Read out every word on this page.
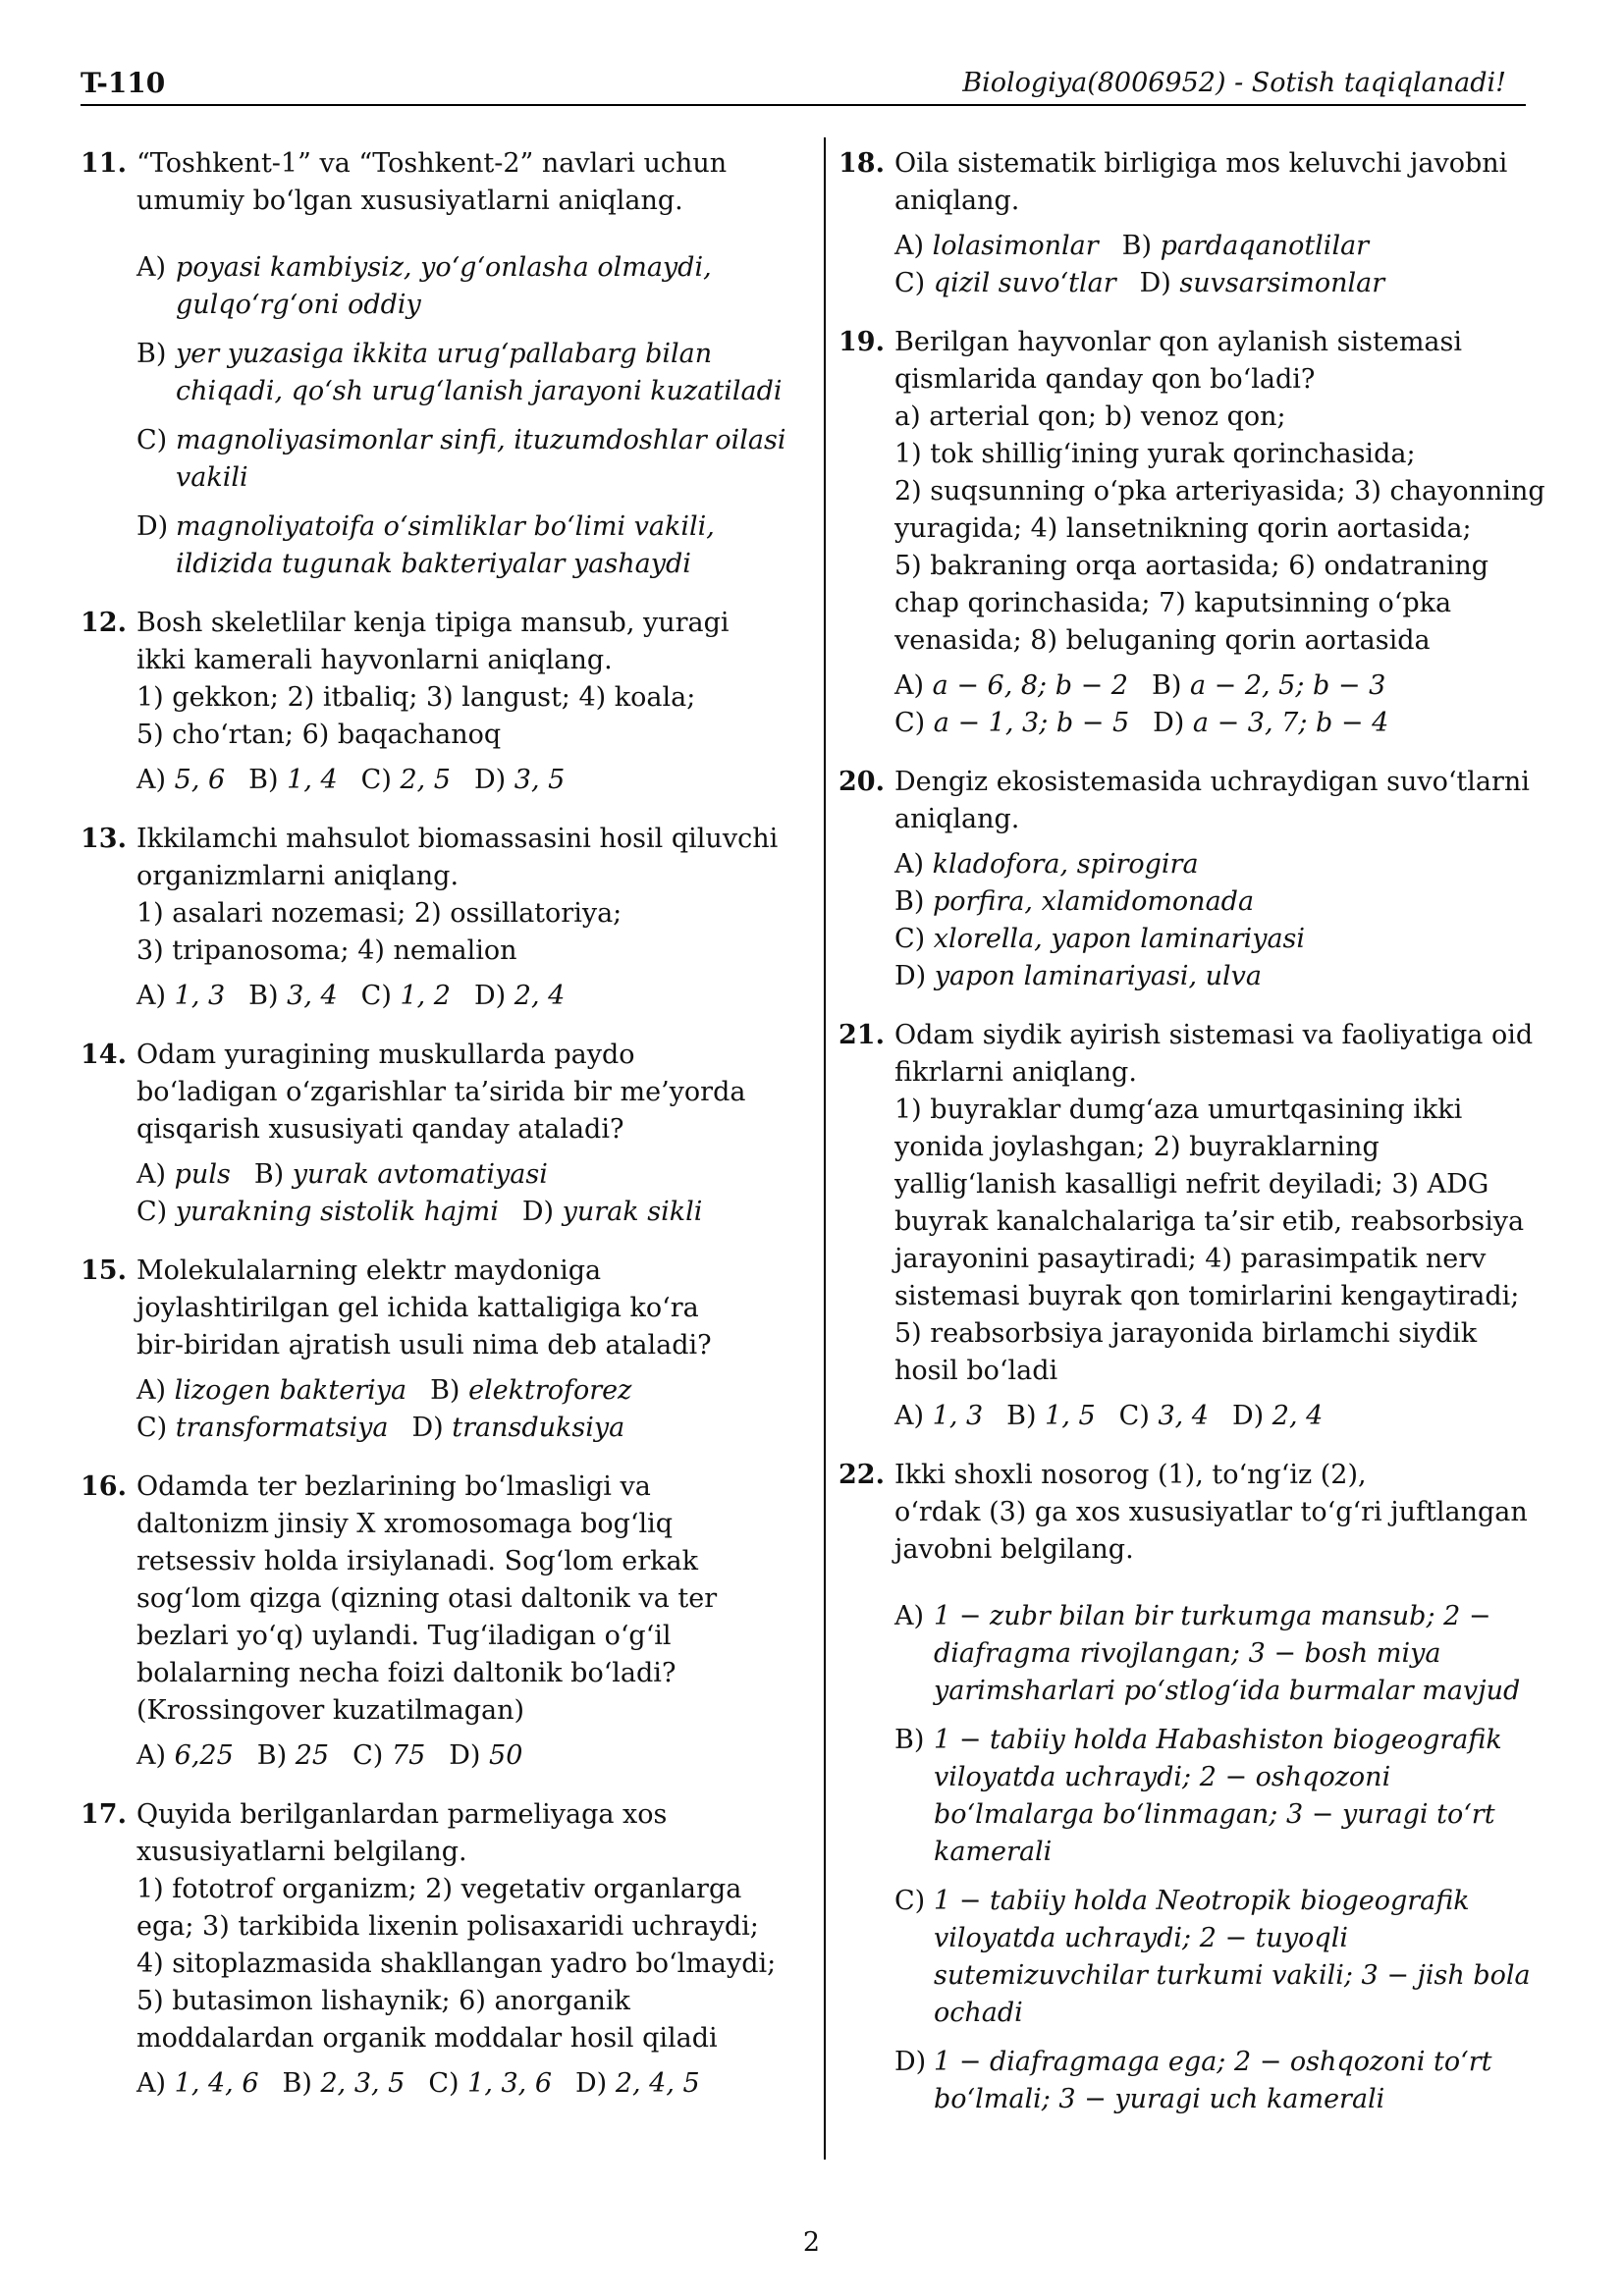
T-110	Biologiya(8006952) - Sotish taqiqlanadi!
11. “Toshkent-1” va “Toshkent-2” navlari uchun
umumiy bo‘lgan xususiyatlarni aniqlang.
A) poyasi kambiysiz, yo‘g‘onlasha olmaydi,
gulqo‘rg‘oni oddiy
B) yer yuzasiga ikkita urug‘pallabarg bilan
chiqadi, qo‘sh urug‘lanish jarayoni kuzatiladi
C) magnoliyasimonlar sinfi, ituzumdoshlar oilasi
vakili
D) magnoliyatoifa o‘simliklar bo‘limi vakili,
ildizida tugunak bakteriyalar yashaydi
12. Bosh skeletlilar kenja tipiga mansub, yuragi
ikki kamerali hayvonlarni aniqlang.
1) gekkon; 2) itbaliq; 3) langust; 4) koala;
5) cho‘rtan; 6) baqachanoq
A) 5, 6 B) 1, 4 C) 2, 5 D) 3, 5
13. Ikkilamchi mahsulot biomassasini hosil qiluvchi
organizmlarni aniqlang.
1) asalari nozemasi; 2) ossillatoriya;
3) tripanosoma; 4) nemalion
A) 1, 3 B) 3, 4 C) 1, 2 D) 2, 4
14. Odam yuragining muskullarda paydo
bo‘ladigan o‘zgarishlar ta’sirida bir me’yorda
qisqarish xususiyati qanday ataladi?
A) puls B) yurak avtomatiyasi
C) yurakning sistolik hajmi D) yurak sikli
15. Molekulalarning elektr maydoniga
joylashtirilgan gel ichida kattaligiga ko‘ra
bir-biridan ajratish usuli nima deb ataladi?
A) lizogen bakteriya B) elektroforez
C) transformatsiya D) transduksiya
16. Odamda ter bezlarining bo‘lmasligi va
daltonizm jinsiy X xromosomaga bog‘liq
retsessiv holda irsiylanadi. Sog‘lom erkak
sog‘lom qizga (qizning otasi daltonik va ter
bezlari yo‘q) uylandi. Tug‘iladigan o‘g‘il
bolalarning necha foizi daltonik bo‘ladi?
(Krossingover kuzatilmagan)
A) 6,25 B) 25 C) 75 D) 50
17. Quyida berilganlardan parmeliyaga xos
xususiyatlarni belgilang.
1) fototrof organizm; 2) vegetativ organlarga
ega; 3) tarkibida lixenin polisaxaridi uchraydi;
4) sitoplazmasida shakllangan yadro bo‘lmaydi;
5) butasimon lishaynik; 6) anorganik
moddalardan organik moddalar hosil qiladi
A) 1, 4, 6 B) 2, 3, 5 C) 1, 3, 6 D) 2, 4, 5
18. Oila sistematik birligiga mos keluvchi javobni
aniqlang.
A) lolasimonlar B) pardaqanotlilar
C) qizil suvo‘tlar D) suvsarsimonlar
19. Berilgan hayvonlar qon aylanish sistemasi
qismlarida qanday qon bo‘ladi?
a) arterial qon; b) venoz qon;
1) tok shillig‘ining yurak qorinchasida;
2) suqsunning o‘pka arteriyasida; 3) chayonning
yuragida; 4) lansetnikning qorin aortasida;
5) bakraning orqa aortasida; 6) ondatraning
chap qorinchasida; 7) kaputsinning o‘pka
venasida; 8) beluganing qorin aortasida
A) a − 6, 8; b − 2 B) a − 2, 5; b − 3
C) a − 1, 3; b − 5 D) a − 3, 7; b − 4
20. Dengiz ekosistemasida uchraydigan suvo‘tlarni
aniqlang.
A) kladofora, spirogira
B) porfira, xlamidomonada
C) xlorella, yapon laminariyasi
D) yapon laminariyasi, ulva
21. Odam siydik ayirish sistemasi va faoliyatiga oid
fikrlarni aniqlang.
1) buyraklar dumg‘aza umurtqasining ikki
yonida joylashgan; 2) buyraklarning
yallig‘lanish kasalligi nefrit deyiladi; 3) ADG
buyrak kanalchalariga ta’sir etib, reabsorbsiya
jarayonini pasaytiradi; 4) parasimpatik nerv
sistemasi buyrak qon tomirlarini kengaytiradi;
5) reabsorbsiya jarayonida birlamchi siydik
hosil bo‘ladi
A) 1, 3 B) 1, 5 C) 3, 4 D) 2, 4
22. Ikki shoxli nosorog (1), to‘ng‘iz (2),
o‘rdak (3) ga xos xususiyatlar to‘g‘ri juftlangan
javobni belgilang.
A) 1 − zubr bilan bir turkumga mansub; 2 −
diafragma rivojlangan; 3 − bosh miya
yarimsharlari po‘stlog‘ida burmalar mavjud
B) 1 − tabiiy holda Habashiston biogeografik
viloyatda uchraydi; 2 − oshqozoni
bo‘lmalarga bo‘linmagan; 3 − yuragi to‘rt
kamerali
C) 1 − tabiiy holda Neotropik biogeografik
viloyatda uchraydi; 2 − tuyoqli
sutemizuvchilar turkumi vakili; 3 − jish bola
ochadi
D) 1 − diafragmaga ega; 2 − oshqozoni to‘rt
bo‘lmali; 3 − yuragi uch kamerali
2
